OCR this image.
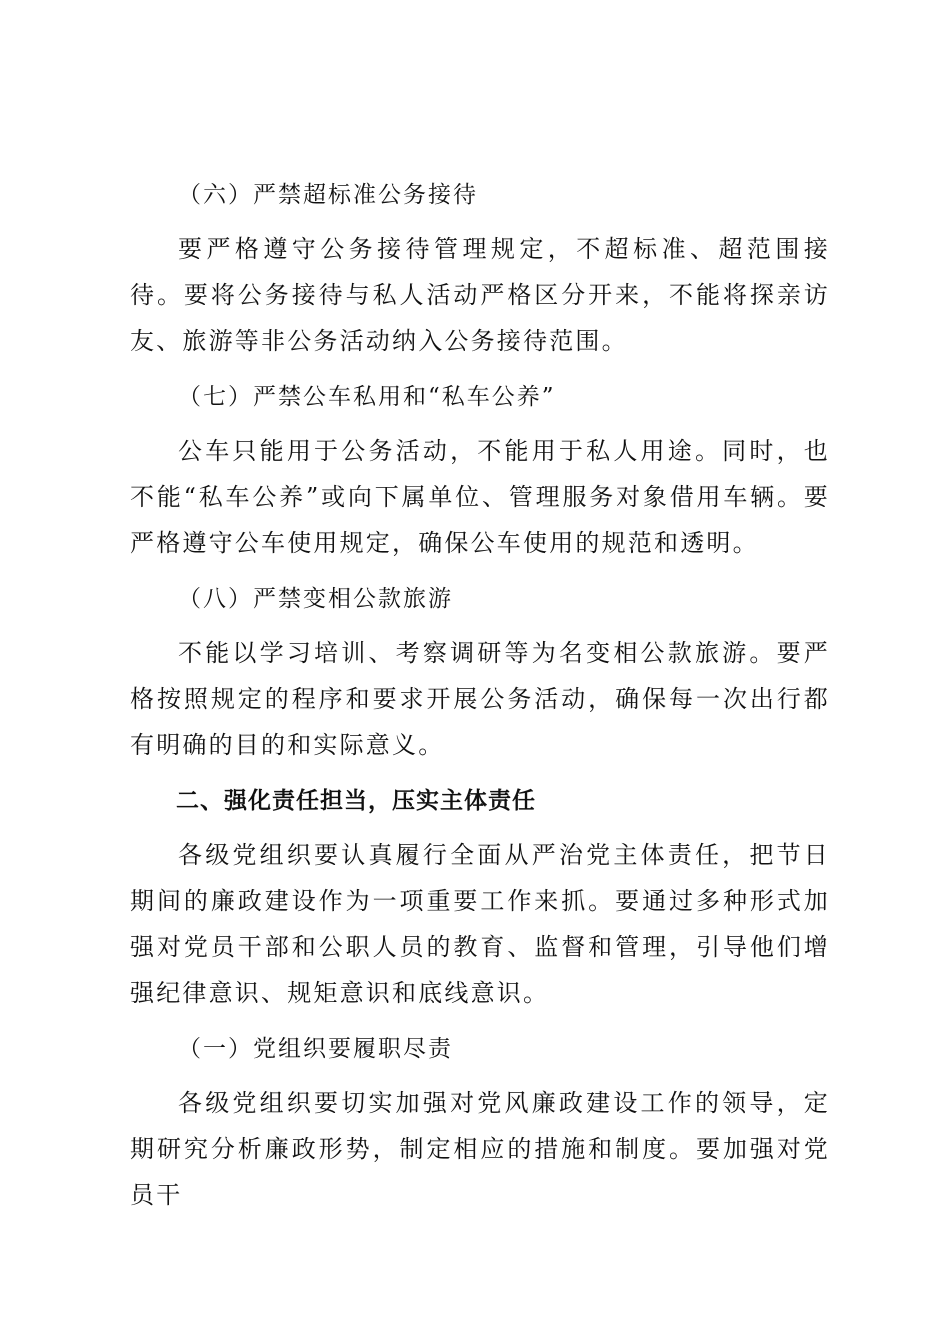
（六）严禁超标准公务接待

要严格遵守公务接待管理规定，不超标准、超范围接待。要将公务接待与私人活动严格区分开来，不能将探亲访友、旅游等非公务活动纳入公务接待范围。

（七）严禁公车私用和“私车公养”

公车只能用于公务活动，不能用于私人用途。同时，也不能“私车公养”或向下属单位、管理服务对象借用车辆。要严格遵守公车使用规定，确保公车使用的规范和透明。

（八）严禁变相公款旅游

不能以学习培训、考察调研等为名变相公款旅游。要严格按照规定的程序和要求开展公务活动，确保每一次出行都有明确的目的和实际意义。

二、强化责任担当，压实主体责任

各级党组织要认真履行全面从严治党主体责任，把节日期间的廉政建设作为一项重要工作来抓。要通过多种形式加强对党员干部和公职人员的教育、监督和管理，引导他们增强纪律意识、规矩意识和底线意识。

（一）党组织要履职尽责

各级党组织要切实加强对党风廉政建设工作的领导，定期研究分析廉政形势，制定相应的措施和制度。要加强对党员干
